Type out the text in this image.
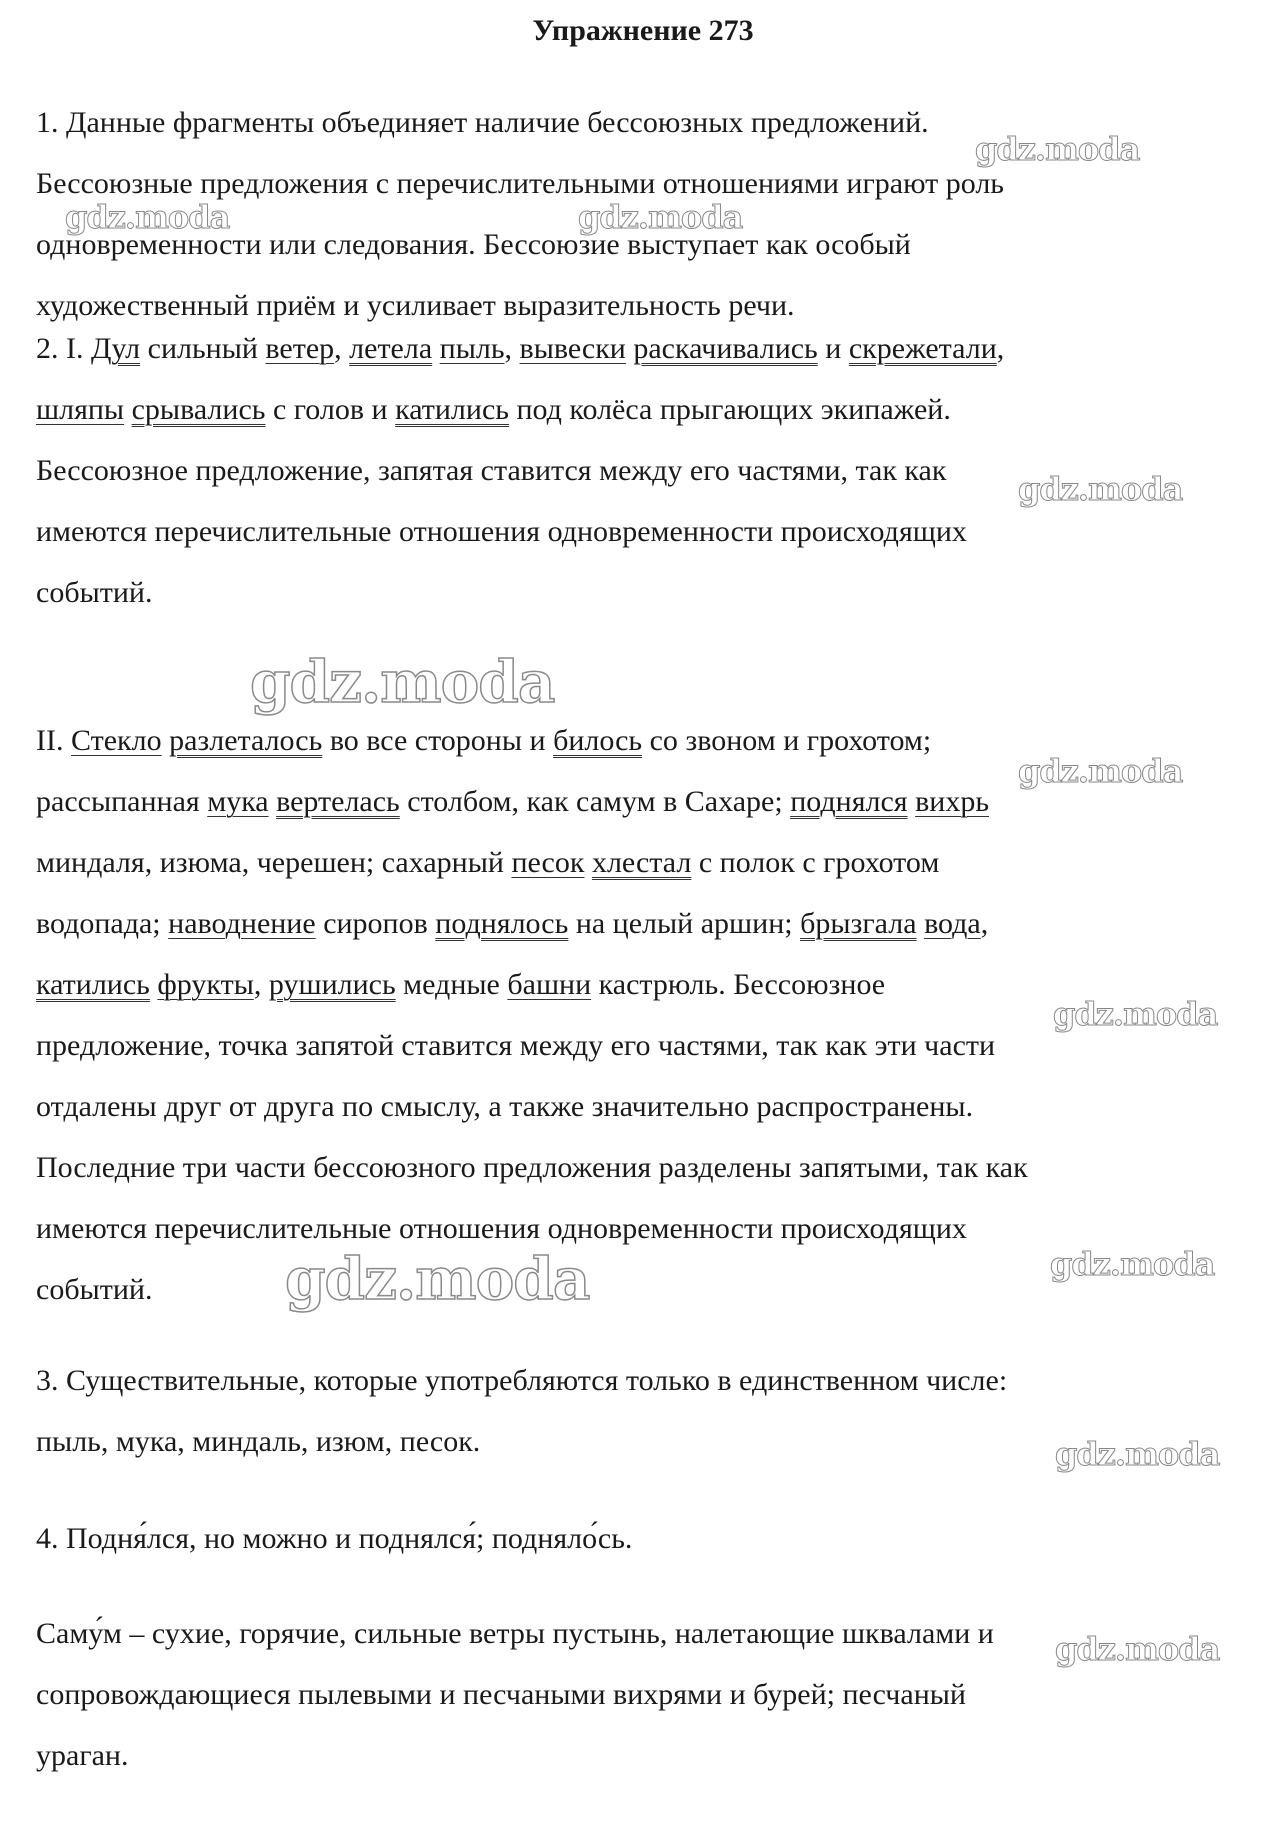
Упражнение 273
1. Данные фрагменты объединяет наличие бессоюзных предложений.
Бессоюзные предложения с перечислительными отношениями играют роль
одновременности или следования. Бессоюзие выступает как особый
художественный приём и усиливает выразительность речи.
2. I. Дул сильный ветер, летела пыль, вывески раскачивались и скрежетали,
шляпы срывались с голов и катились под колёса прыгающих экипажей.
Бессоюзное предложение, запятая ставится между его частями, так как
имеются перечислительные отношения одновременности происходящих
событий.
II. Стекло разлеталось во все стороны и билось со звоном и грохотом;
рассыпанная мука вертелась столбом, как самум в Сахаре; поднялся вихрь
миндаля, изюма, черешен; сахарный песок хлестал с полок с грохотом
водопада; наводнение сиропов поднялось на целый аршин; брызгала вода,
катились фрукты, рушились медные башни кастрюль. Бессоюзное
предложение, точка запятой ставится между его частями, так как эти части
отдалены друг от друга по смыслу, а также значительно распространены.
Последние три части бессоюзного предложения разделены запятыми, так как
имеются перечислительные отношения одновременности происходящих
событий.
3. Существительные, которые употребляются только в единственном числе:
пыль, мука, миндаль, изюм, песок.
4. Подня́лся, но можно и поднялся́; подняло́сь.
Саму́м – сухие, горячие, сильные ветры пустынь, налетающие шквалами и
сопровождающиеся пылевыми и песчаными вихрями и бурей; песчаный
ураган.
gdz.moda
gdz.moda	gdz.moda
gdz.moda
gdz.moda
gdz.moda
gdz.moda
gdz.moda	gdz.moda
gdz.moda
gdz.moda
